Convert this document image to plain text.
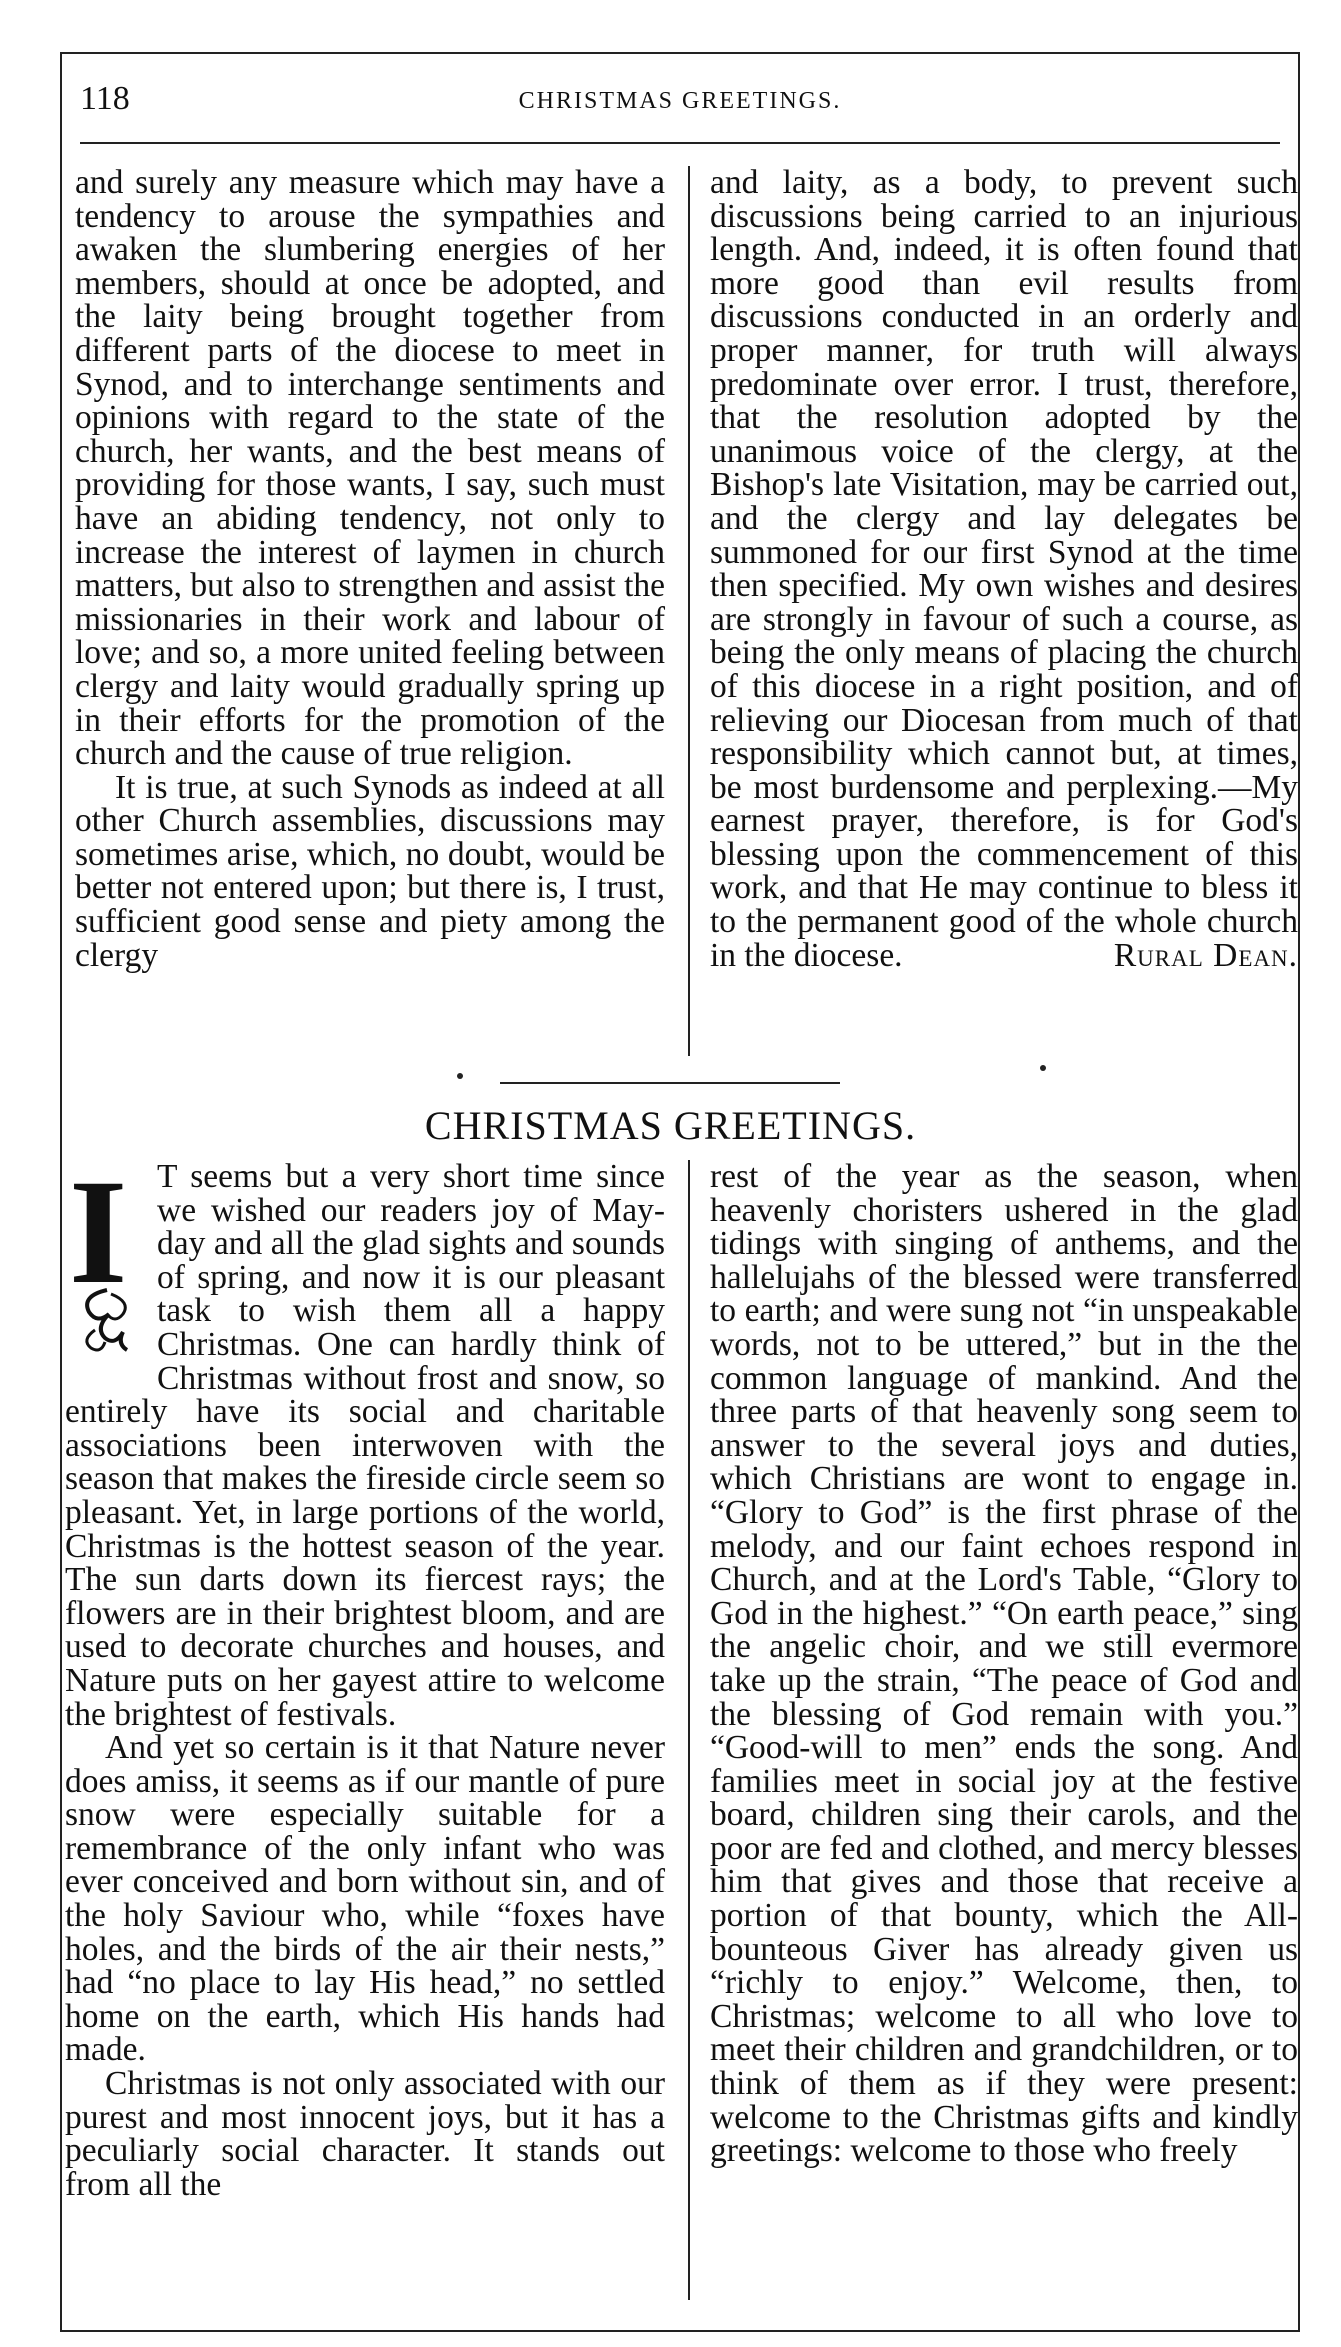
118	CHRISTMAS GREETINGS.

and surely any measure which may have a tendency to arouse the sympathies and awaken the slumbering energies of her members, should at once be adopted, and the laity being brought together from different parts of the diocese to meet in Synod, and to interchange sentiments and opinions with regard to the state of the church, her wants, and the best means of providing for those wants, I say, such must have an abiding tendency, not only to increase the interest of laymen in church matters, but also to strengthen and assist the missionaries in their work and labour of love; and so, a more united feeling between clergy and laity would gradually spring up in their efforts for the promotion of the church and the cause of true religion.

It is true, at such Synods as indeed at all other Church assemblies, discussions may sometimes arise, which, no doubt, would be better not entered upon; but there is, I trust, sufficient good sense and piety among the clergy

and laity, as a body, to prevent such discussions being carried to an injurious length. And, indeed, it is often found that more good than evil results from discussions conducted in an orderly and proper manner, for truth will always predominate over error. I trust, therefore, that the resolution adopted by the unanimous voice of the clergy, at the Bishop's late Visitation, may be carried out, and the clergy and lay delegates be summoned for our first Synod at the time then specified. My own wishes and desires are strongly in favour of such a course, as being the only means of placing the church of this diocese in a right position, and of relieving our Diocesan from much of that responsibility which cannot but, at times, be most burdensome and perplexing.—My earnest prayer, therefore, is for God's blessing upon the commencement of this work, and that He may continue to bless it to the permanent good of the whole church in the diocese.	Rural Dean.
CHRISTMAS GREETINGS.
I T seems but a very short time since we wished our readers joy of May-day and all the glad sights and sounds of spring, and now it is our pleasant task to wish them all a happy Christmas. One can hardly think of Christmas without frost and snow, so entirely have its social and charitable associations been interwoven with the season that makes the fireside circle seem so pleasant. Yet, in large portions of the world, Christmas is the hottest season of the year. The sun darts down its fiercest rays; the flowers are in their brightest bloom, and are used to decorate churches and houses, and Nature puts on her gayest attire to welcome the brightest of festivals.

And yet so certain is it that Nature never does amiss, it seems as if our mantle of pure snow were especially suitable for a remembrance of the only infant who was ever conceived and born without sin, and of the holy Saviour who, while “foxes have holes, and the birds of the air their nests,” had “no place to lay His head,” no settled home on the earth, which His hands had made.

Christmas is not only associated with our purest and most innocent joys, but it has a peculiarly social character. It stands out from all the

rest of the year as the season, when heavenly choristers ushered in the glad tidings with singing of anthems, and the hallelujahs of the blessed were transferred to earth; and were sung not “in unspeakable words, not to be uttered,” but in the the common language of mankind. And the three parts of that heavenly song seem to answer to the several joys and duties, which Christians are wont to engage in. “Glory to God” is the first phrase of the melody, and our faint echoes respond in Church, and at the Lord's Table, “Glory to God in the highest.” “On earth peace,” sing the angelic choir, and we still evermore take up the strain, “The peace of God and the blessing of God remain with you.” “Good-will to men” ends the song. And families meet in social joy at the festive board, children sing their carols, and the poor are fed and clothed, and mercy blesses him that gives and those that receive a portion of that bounty, which the All-bounteous Giver has already given us “richly to enjoy.” Welcome, then, to Christmas; welcome to all who love to meet their children and grandchildren, or to think of them as if they were present: welcome to the Christmas gifts and kindly greetings: welcome to those who freely
